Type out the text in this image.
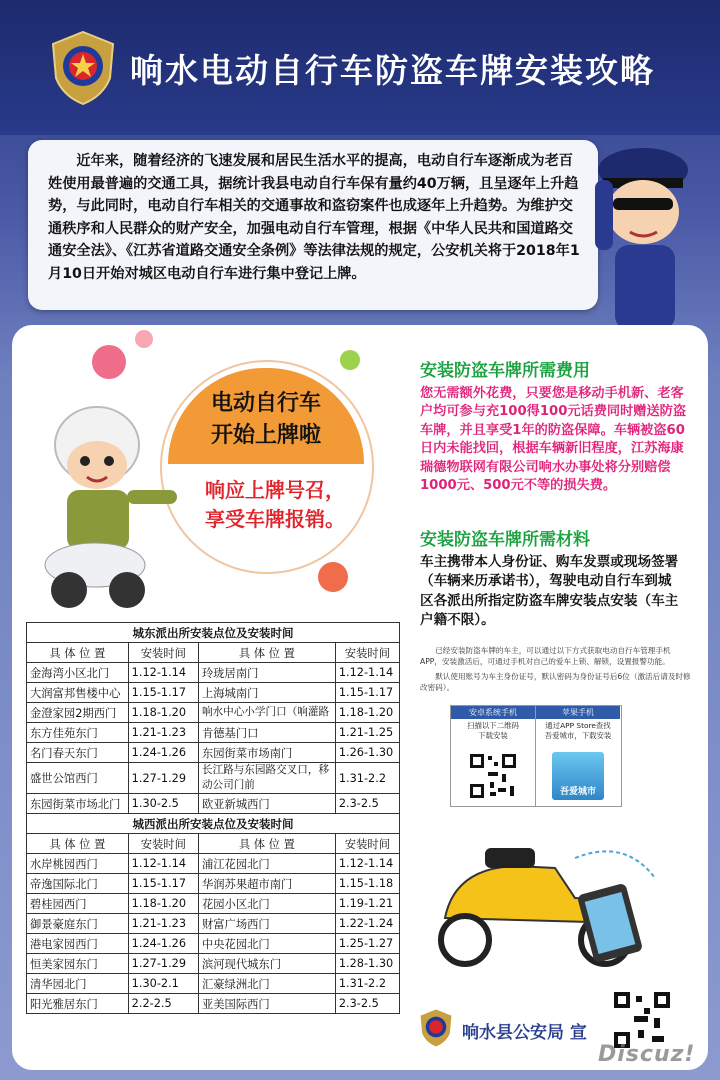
响水电动自行车防盗车牌安装攻略
近年来，随着经济的飞速发展和居民生活水平的提高，电动自行车逐渐成为老百姓使用最普遍的交通工具，据统计我县电动自行车保有量约40万辆，且呈逐年上升趋势，与此同时，电动自行车相关的交通事故和盗窃案件也成逐年上升趋势。为维护交通秩序和人民群众的财产安全，加强电动自行车管理，根据《中华人民共和国道路交通安全法》、《江苏省道路交通安全条例》等法律法规的规定，公安机关将于2018年1月10日开始对城区电动自行车进行集中登记上牌。
电动自行车
开始上牌啦
响应上牌号召，
享受车牌报销。
安装防盗车牌所需费用
您无需额外花费，只要您是移动手机新、老客户均可参与充100得100元话费同时赠送防盗车牌，并且享受1年的防盗保障。车辆被盗60日内未能找回，根据车辆新旧程度，江苏海康瑞德物联网有限公司响水办事处将分别赔偿1000元、500元不等的损失费。
安装防盗车牌所需材料
车主携带本人身份证、购车发票或现场签署（车辆来历承诺书），驾驶电动自行车到城区各派出所指定防盗车牌安装点安装（车主户籍不限）。
已经安装防盗车牌的车主，可以通过以下方式获取电动自行车管理手机APP，安装激活后，可通过手机对自己的爱车上锁、解锁，设置报警功能。
默认使用账号为车主身份证号，默认密码为身份证号后6位（激活后请及时修改密码）。
安卓系统手机
扫描以下二维码
下载安装
苹果手机
通过APP Store查找
吾爱城市，下载安装
吾爱城市
城东派出所安装点位及安装时间			
具 体 位 置	安装时间	具 体 位 置	安装时间
金海湾小区北门	1.12-1.14	玲珑居南门	1.12-1.14
大润富邦售楼中心	1.15-1.17	上海城南门	1.15-1.17
金澄家园2期西门	1.18-1.20	响水中心小学门口（响灌路	1.18-1.20
东方佳苑东门	1.21-1.23	肯德基门口	1.21-1.25
名门春天东门	1.24-1.26	东园街菜市场南门	1.26-1.30
盛世公馆西门	1.27-1.29	长江路与东园路交叉口，移动公司门前	1.31-2.2
东园街菜市场北门	1.30-2.5	欧亚新城西门	2.3-2.5
城西派出所安装点位及安装时间			
具 体 位 置	安装时间	具 体 位 置	安装时间
水岸桃园西门	1.12-1.14	浦江花园北门	1.12-1.14
帝逸国际北门	1.15-1.17	华润苏果超市南门	1.15-1.18
碧桂园西门	1.18-1.20	花园小区北门	1.19-1.21
御景豪庭东门	1.21-1.23	财富广场西门	1.22-1.24
港电家园西门	1.24-1.26	中央花园北门	1.25-1.27
恒美家园东门	1.27-1.29	滨河现代城东门	1.28-1.30
清华园北门	1.30-2.1	汇豪绿洲北门	1.31-2.2
阳光雅居东门	2.2-2.5	亚美国际西门	2.3-2.5
响水县公安局 宣
Discuz!
